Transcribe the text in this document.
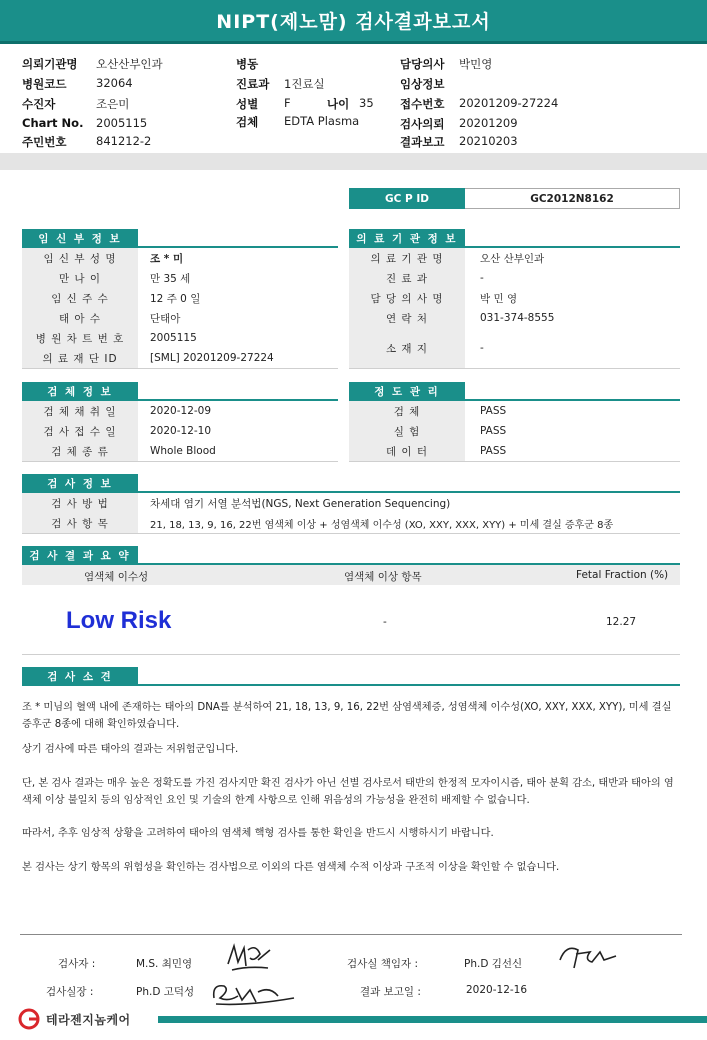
NIPT(제노맘) 검사결과보고서
의뢰기관명 오산산부인과
병원코드	32064
수진자	조은미
Chart No. 2005115
주민번호	841212-2
병동
진료과 1진료실
성별 F	나이 35
검체 EDTA Plasma
담당의사 박민영
임상정보
접수번호 20201209-27224
검사의뢰 20201209
결과보고 20210203
GC P ID	GC2012N8162
임 신 부 정 보	의 료 기 관 정 보
임 신 부 성 명	조 * 미
만 나 이	만 35 세
임 신 주 수	12 주 0 일
태 아 수	단태아
병 원 차 트 번 호	2005115
의 료 재 단 ID	[SML] 20201209-27224
의 료 기 관 명	오산 산부인과
진 료 과	-
담 당 의 사 명	박 민 영
연 락 처	031-374-8555
소 재 지	-
검 체 정 보
검 체 채 취 일	2020-12-09
검 사 접 수 일	2020-12-10
검 체 종 류	Whole Blood
정 도 관 리
검 체	PASS
실 험	PASS
데 이 터	PASS
검 사 정 보
검 사 방 법	차세대 염기 서열 분석법(NGS, Next Generation Sequencing)
검 사 항 목	21, 18, 13, 9, 16, 22번 염색체 이상 + 성염색체 이수성 (XO, XXY, XXX, XYY) + 미세 결실 증후군 8종
검 사 결 과 요 약
염색체 이수성	염색체 이상 항목	Fetal Fraction (%)
Low Risk	-	12.27
검 사 소 견
조 * 미님의 혈액 내에 존재하는 태아의 DNA를 분석하여 21, 18, 13, 9, 16, 22번 삼염색체증, 성염색체 이수성(XO, XXY, XXX, XYY), 미세 결실 증후군 8종에 대해 확인하였습니다.
상기 검사에 따른 태아의 결과는 저위험군입니다.
단, 본 검사 결과는 매우 높은 정확도를 가진 검사지만 확진 검사가 아닌 선별 검사로서 태반의 한정적 모자이시즘, 태아 분획 감소, 태반과 태아의 염색체 이상 불일치 등의 임상적인 요인 및 기술의 한계 사항으로 인해 위음성의 가능성을 완전히 배제할 수 없습니다.
따라서, 추후 임상적 상황을 고려하여 태아의 염색체 핵형 검사를 통한 확인을 반드시 시행하시기 바랍니다.
본 검사는 상기 항목의 위험성을 확인하는 검사법으로 이외의 다른 염색체 수적 이상과 구조적 이상을 확인할 수 없습니다.
검사자 :	M.S. 최민영
검사실장 :	Ph.D 고덕성
검사실 책임자 :	Ph.D 김선신
결과 보고일 :	2020-12-16
테라젠지놈케어
